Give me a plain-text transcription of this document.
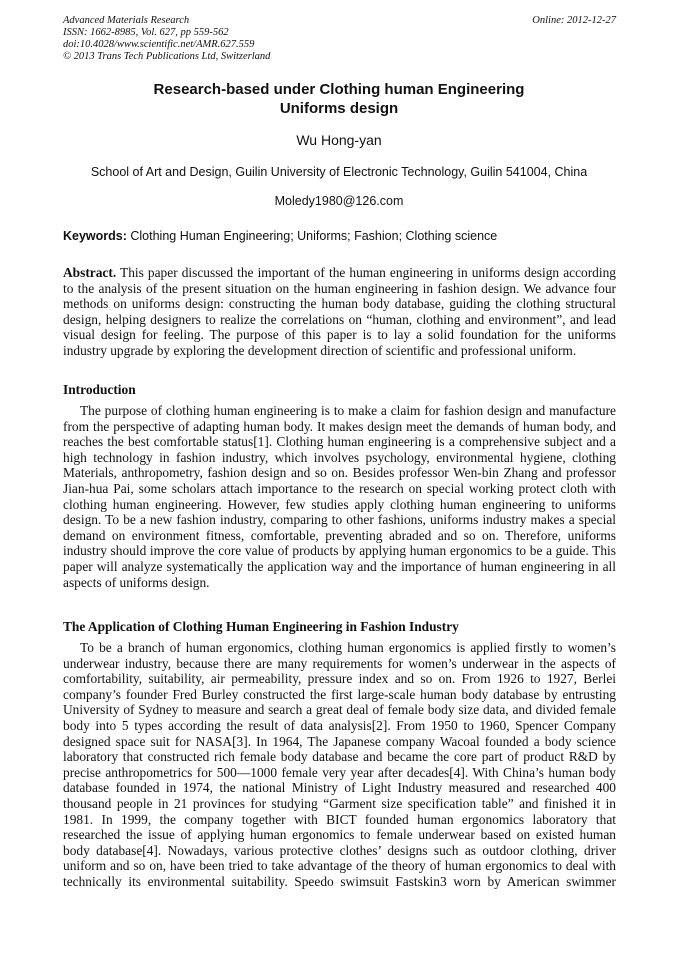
Advanced Materials Research
ISSN: 1662-8985, Vol. 627, pp 559-562
doi:10.4028/www.scientific.net/AMR.627.559
© 2013 Trans Tech Publications Ltd, Switzerland
Online: 2012-12-27
Research-based under Clothing human Engineering
Uniforms design
Wu Hong-yan
School of Art and Design, Guilin University of Electronic Technology, Guilin 541004, China
Moledy1980@126.com
Keywords: Clothing Human Engineering; Uniforms; Fashion; Clothing science
Abstract. This paper discussed the important of the human engineering in uniforms design according
to the analysis of the present situation on the human engineering in fashion design. We advance four
methods on uniforms design: constructing the human body database, guiding the clothing structural
design, helping designers to realize the correlations on “human, clothing and environment”, and lead
visual design for feeling. The purpose of this paper is to lay a solid foundation for the uniforms
industry upgrade by exploring the development direction of scientific and professional uniform.
Introduction
The purpose of clothing human engineering is to make a claim for fashion design and manufacture
from the perspective of adapting human body. It makes design meet the demands of human body, and
reaches the best comfortable status[1]. Clothing human engineering is a comprehensive subject and a
high technology in fashion industry, which involves psychology, environmental hygiene, clothing
Materials, anthropometry, fashion design and so on. Besides professor Wen-bin Zhang and professor
Jian-hua Pai, some scholars attach importance to the research on special working protect cloth with
clothing human engineering. However, few studies apply clothing human engineering to uniforms
design. To be a new fashion industry, comparing to other fashions, uniforms industry makes a special
demand on environment fitness, comfortable, preventing abraded and so on. Therefore, uniforms
industry should improve the core value of products by applying human ergonomics to be a guide. This
paper will analyze systematically the application way and the importance of human engineering in all
aspects of uniforms design.
The Application of Clothing Human Engineering in Fashion Industry
To be a branch of human ergonomics, clothing human ergonomics is applied firstly to women’s
underwear industry, because there are many requirements for women’s underwear in the aspects of
comfortability, suitability, air permeability, pressure index and so on. From 1926 to 1927, Berlei
company’s founder Fred Burley constructed the first large-scale human body database by entrusting
University of Sydney to measure and search a great deal of female body size data, and divided female
body into 5 types according the result of data analysis[2]. From 1950 to 1960, Spencer Company
designed space suit for NASA[3]. In 1964, The Japanese company Wacoal founded a body science
laboratory that constructed rich female body database and became the core part of product R&D by
precise anthropometrics for 500—1000 female very year after decades[4]. With China’s human body
database founded in 1974, the national Ministry of Light Industry measured and researched 400
thousand people in 21 provinces for studying “Garment size specification table” and finished it in
1981. In 1999, the company together with BICT founded human ergonomics laboratory that
researched the issue of applying human ergonomics to female underwear based on existed human
body database[4]. Nowadays, various protective clothes’ designs such as outdoor clothing, driver
uniform and so on, have been tried to take advantage of the theory of human ergonomics to deal with
technically its environmental suitability. Speedo swimsuit Fastskin3 worn by American swimmer
